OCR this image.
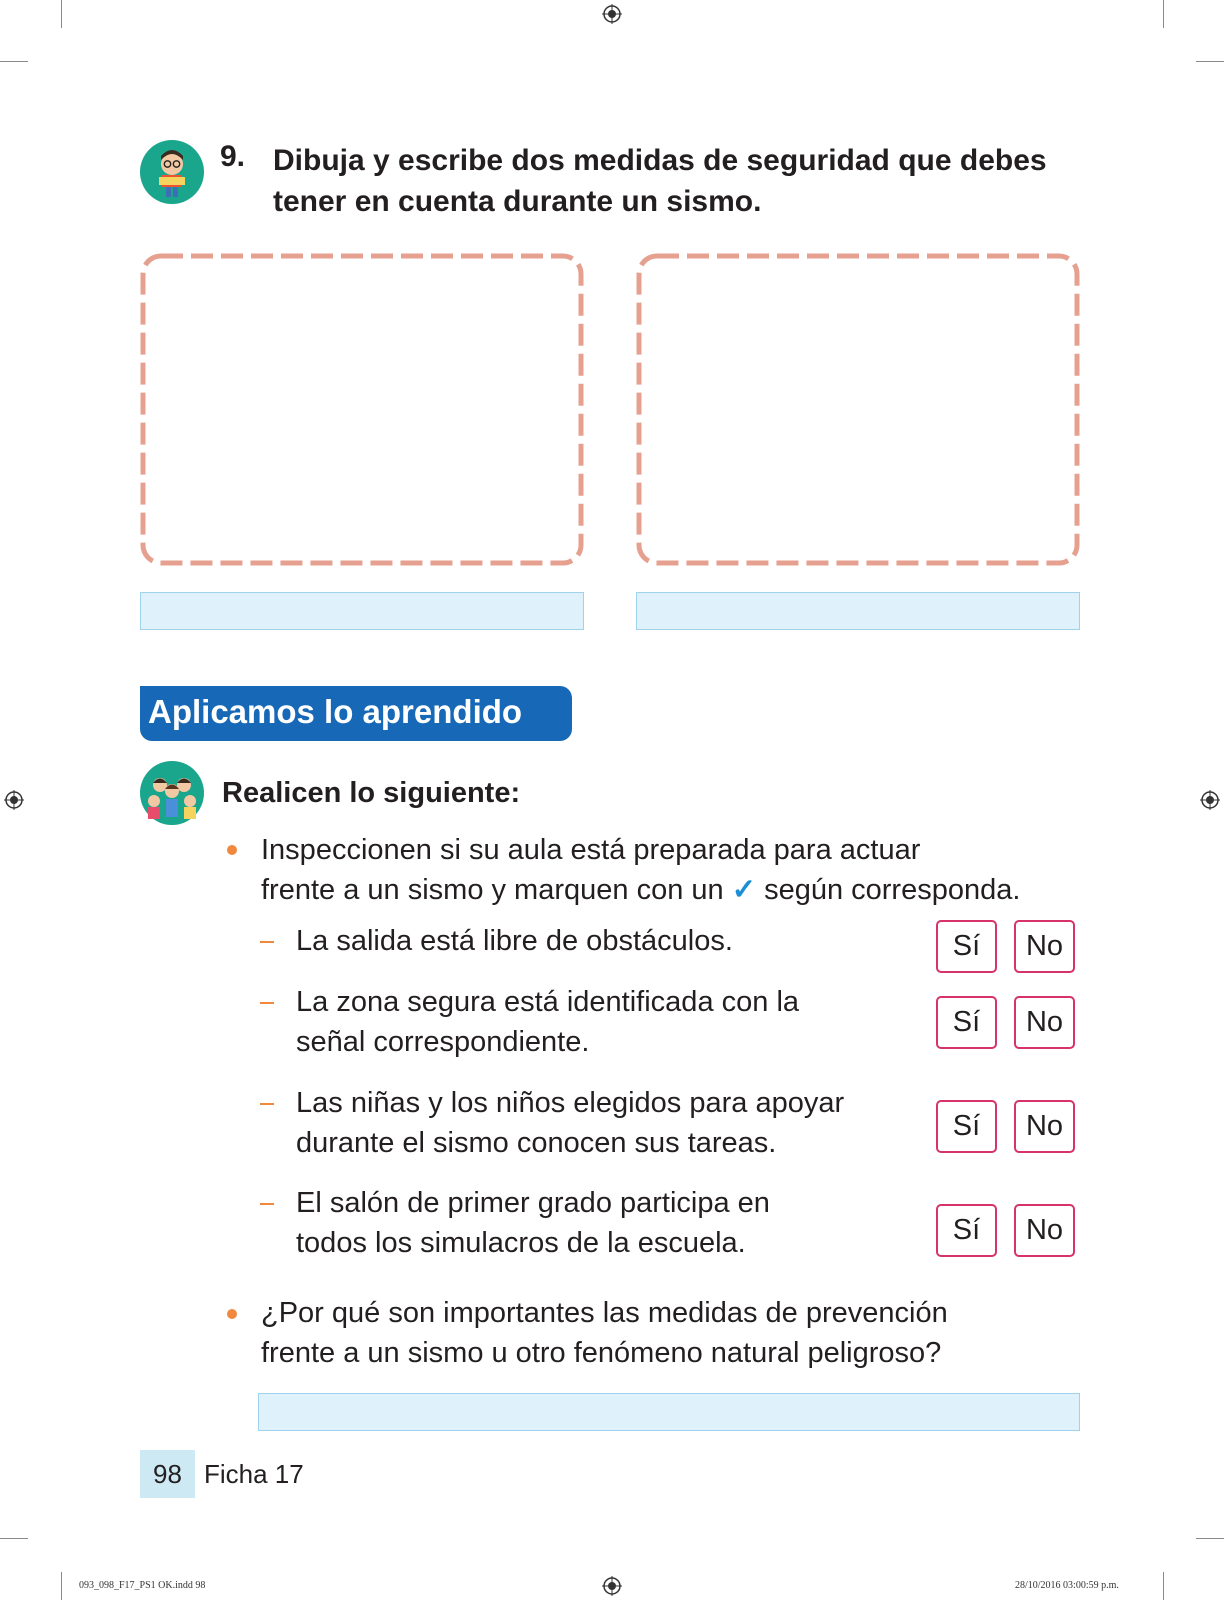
9. Dibuja y escribe dos medidas de seguridad que debes tener en cuenta durante un sismo.
Aplicamos lo aprendido
Realicen lo siguiente:
Inspeccionen si su aula está preparada para actuar
frente a un sismo y marquen con un ✓ según corresponda.
La salida está libre de obstáculos.	Sí	No
La zona segura está identificada con la
señal correspondiente.
Sí	No
Las niñas y los niños elegidos para apoyar
durante el sismo conocen sus tareas.
Sí	No
El salón de primer grado participa en
todos los simulacros de la escuela.	Sí	No
¿Por qué son importantes las medidas de prevención
frente a un sismo u otro fenómeno natural peligroso?
98 Ficha 17
093_098_F17_PS1 OK.indd 98	28/10/2016 03:00:59 p.m.
